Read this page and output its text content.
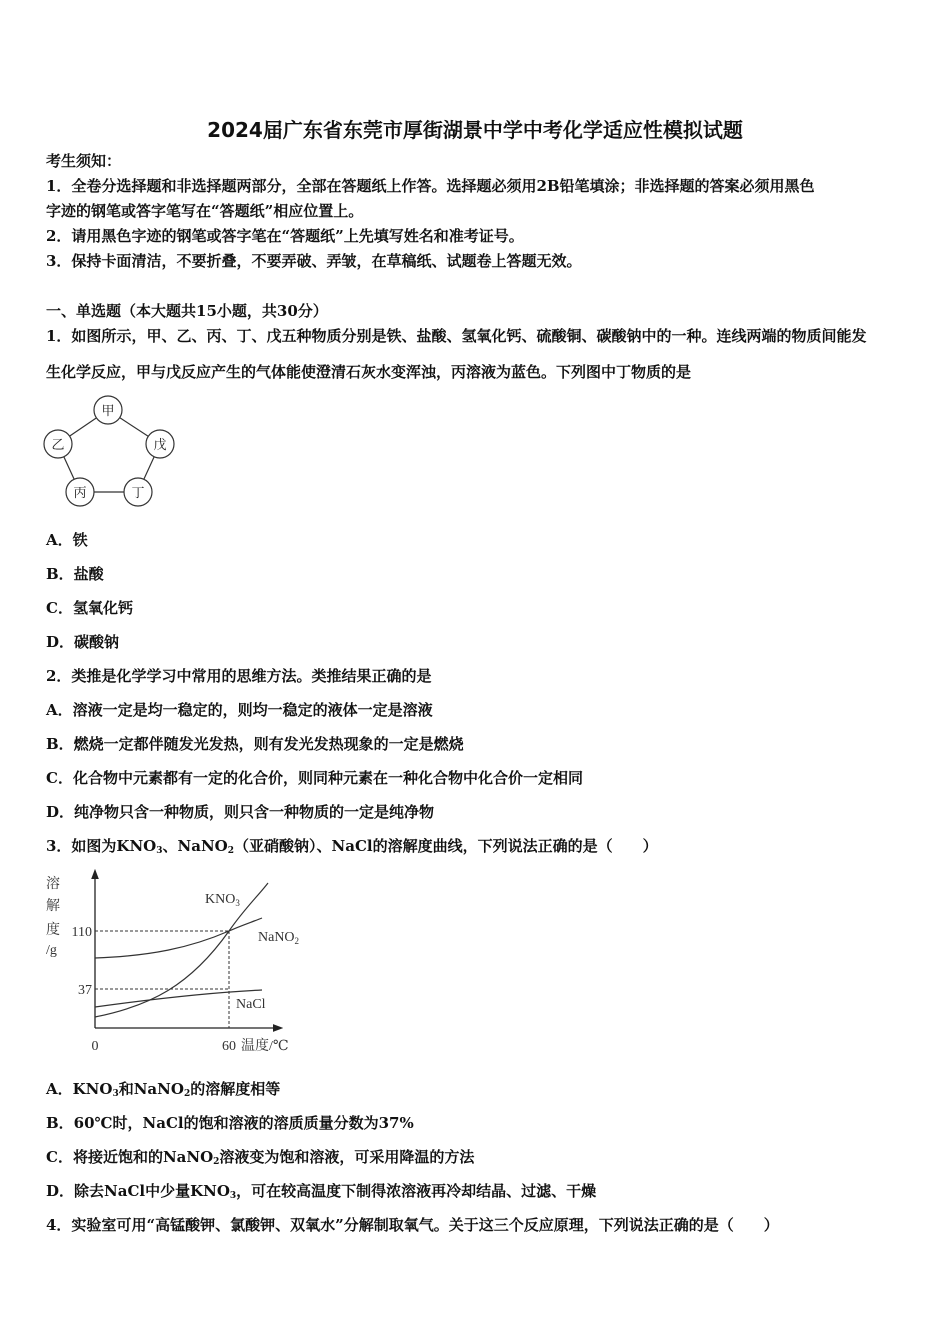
2024届广东省东莞市厚街湖景中学中考化学适应性模拟试题
考生须知：
1．全卷分选择题和非选择题两部分，全部在答题纸上作答。选择题必须用2B铅笔填涂；非选择题的答案必须用黑色
字迹的钢笔或答字笔写在“答题纸”相应位置上。
2．请用黑色字迹的钢笔或答字笔在“答题纸”上先填写姓名和准考证号。
3．保持卡面清洁，不要折叠，不要弄破、弄皱，在草稿纸、试题卷上答题无效。
一、单选题（本大题共15小题，共30分）
1．如图所示，甲、乙、丙、丁、戊五种物质分别是铁、盐酸、氢氧化钙、硫酸铜、碳酸钠中的一种。连线两端的物质间能发
生化学反应，甲与戊反应产生的气体能使澄清石灰水变浑浊，丙溶液为蓝色。下列图中丁物质的是
甲
乙	戊
丙	丁
A．铁
B．盐酸
C．氢氧化钙
D．碳酸钠
2．类推是化学学习中常用的思维方法。类推结果正确的是
A．溶液一定是均一稳定的，则均一稳定的液体一定是溶液
B．燃烧一定都伴随发光发热，则有发光发热现象的一定是燃烧
C．化合物中元素都有一定的化合价，则同种元素在一种化合物中化合价一定相同
D．纯净物只含一种物质，则只含一种物质的一定是纯净物
3．如图为$KNO_3$、NaNO$_2$（亚硝酸钠）、NaCl的溶解度曲线，下列说法正确的是（　　）
溶
解
度
/g
110
37
0	60 温度/℃
$KNO_3$
NaNO$_2$
NaCl
A．$KNO_3$和NaNO$_2$的溶解度相等
B．60℃时，NaCl的饱和溶液的溶质质量分数为37%
C．将接近饱和的NaNO$_2$溶液变为饱和溶液，可采用降温的方法
D．除去NaCl中少量$KNO_3$，可在较高温度下制得浓溶液再冷却结晶、过滤、干燥
4．实验室可用“高锰酸钾、氯酸钾、双氧水”分解制取氧气。关于这三个反应原理，下列说法正确的是（　　）
